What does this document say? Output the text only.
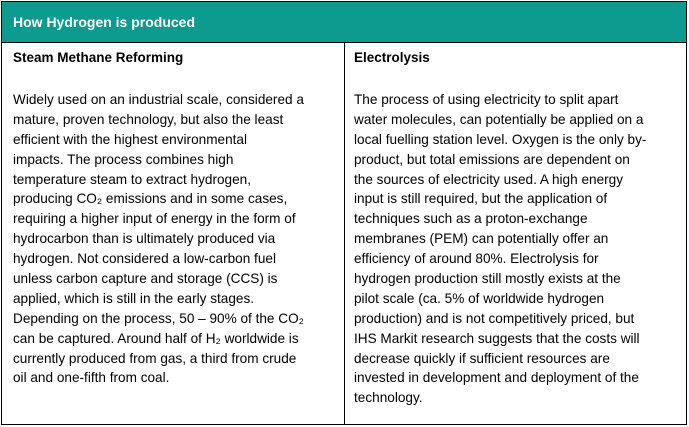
How Hydrogen is produced
Steam Methane Reforming
Widely used on an industrial scale, considered a
mature, proven technology, but also the least
efficient with the highest environmental
impacts. The process combines high
temperature steam to extract hydrogen,
producing CO₂ emissions and in some cases,
requiring a higher input of energy in the form of
hydrocarbon than is ultimately produced via
hydrogen. Not considered a low-carbon fuel
unless carbon capture and storage (CCS) is
applied, which is still in the early stages.
Depending on the process, 50 – 90% of the CO₂
can be captured. Around half of H₂ worldwide is
currently produced from gas, a third from crude
oil and one-fifth from coal.
Electrolysis
The process of using electricity to split apart
water molecules, can potentially be applied on a
local fuelling station level. Oxygen is the only by-
product, but total emissions are dependent on
the sources of electricity used. A high energy
input is still required, but the application of
techniques such as a proton-exchange
membranes (PEM) can potentially offer an
efficiency of around 80%. Electrolysis for
hydrogen production still mostly exists at the
pilot scale (ca. 5% of worldwide hydrogen
production) and is not competitively priced, but
IHS Markit research suggests that the costs will
decrease quickly if sufficient resources are
invested in development and deployment of the
technology.
